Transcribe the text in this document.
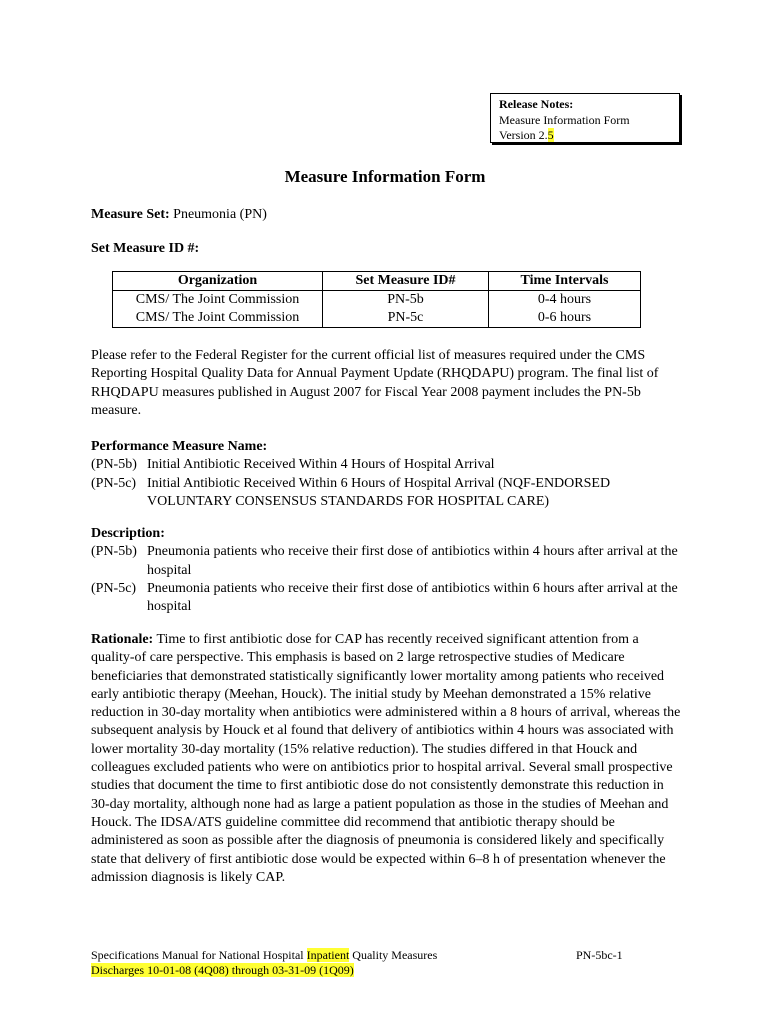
Release Notes:
Measure Information Form
Version 2.5
Measure Information Form
Measure Set: Pneumonia (PN)
Set Measure ID #:
Organization	Set Measure ID#	Time Intervals
CMS/ The Joint Commission	PN-5b	0-4 hours
CMS/ The Joint Commission	PN-5c	0-6 hours
Please refer to the Federal Register for the current official list of measures required under the CMS Reporting Hospital Quality Data for Annual Payment Update (RHQDAPU) program. The final list of RHQDAPU measures published in August 2007 for Fiscal Year 2008 payment includes the PN-5b measure.
Performance Measure Name:
(PN-5b) Initial Antibiotic Received Within 4 Hours of Hospital Arrival
(PN-5c) Initial Antibiotic Received Within 6 Hours of Hospital Arrival (NQF-ENDORSED VOLUNTARY CONSENSUS STANDARDS FOR HOSPITAL CARE)
Description:
(PN-5b) Pneumonia patients who receive their first dose of antibiotics within 4 hours after arrival at the hospital
(PN-5c) Pneumonia patients who receive their first dose of antibiotics within 6 hours after arrival at the hospital
Rationale: Time to first antibiotic dose for CAP has recently received significant attention from a quality-of care perspective. This emphasis is based on 2 large retrospective studies of Medicare beneficiaries that demonstrated statistically significantly lower mortality among patients who received early antibiotic therapy (Meehan, Houck). The initial study by Meehan demonstrated a 15% relative reduction in 30-day mortality when antibiotics were administered within a 8 hours of arrival, whereas the subsequent analysis by Houck et al found that delivery of antibiotics within 4 hours was associated with lower mortality 30-day mortality (15% relative reduction). The studies differed in that Houck and colleagues excluded patients who were on antibiotics prior to hospital arrival. Several small prospective studies that document the time to first antibiotic dose do not consistently demonstrate this reduction in 30-day mortality, although none had as large a patient population as those in the studies of Meehan and Houck. The IDSA/ATS guideline committee did recommend that antibiotic therapy should be administered as soon as possible after the diagnosis of pneumonia is considered likely and specifically state that delivery of first antibiotic dose would be expected within 6–8 h of presentation whenever the admission diagnosis is likely CAP.
Specifications Manual for National Hospital Inpatient Quality Measures
Discharges 10-01-08 (4Q08) through 03-31-09 (1Q09)
PN-5bc-1
